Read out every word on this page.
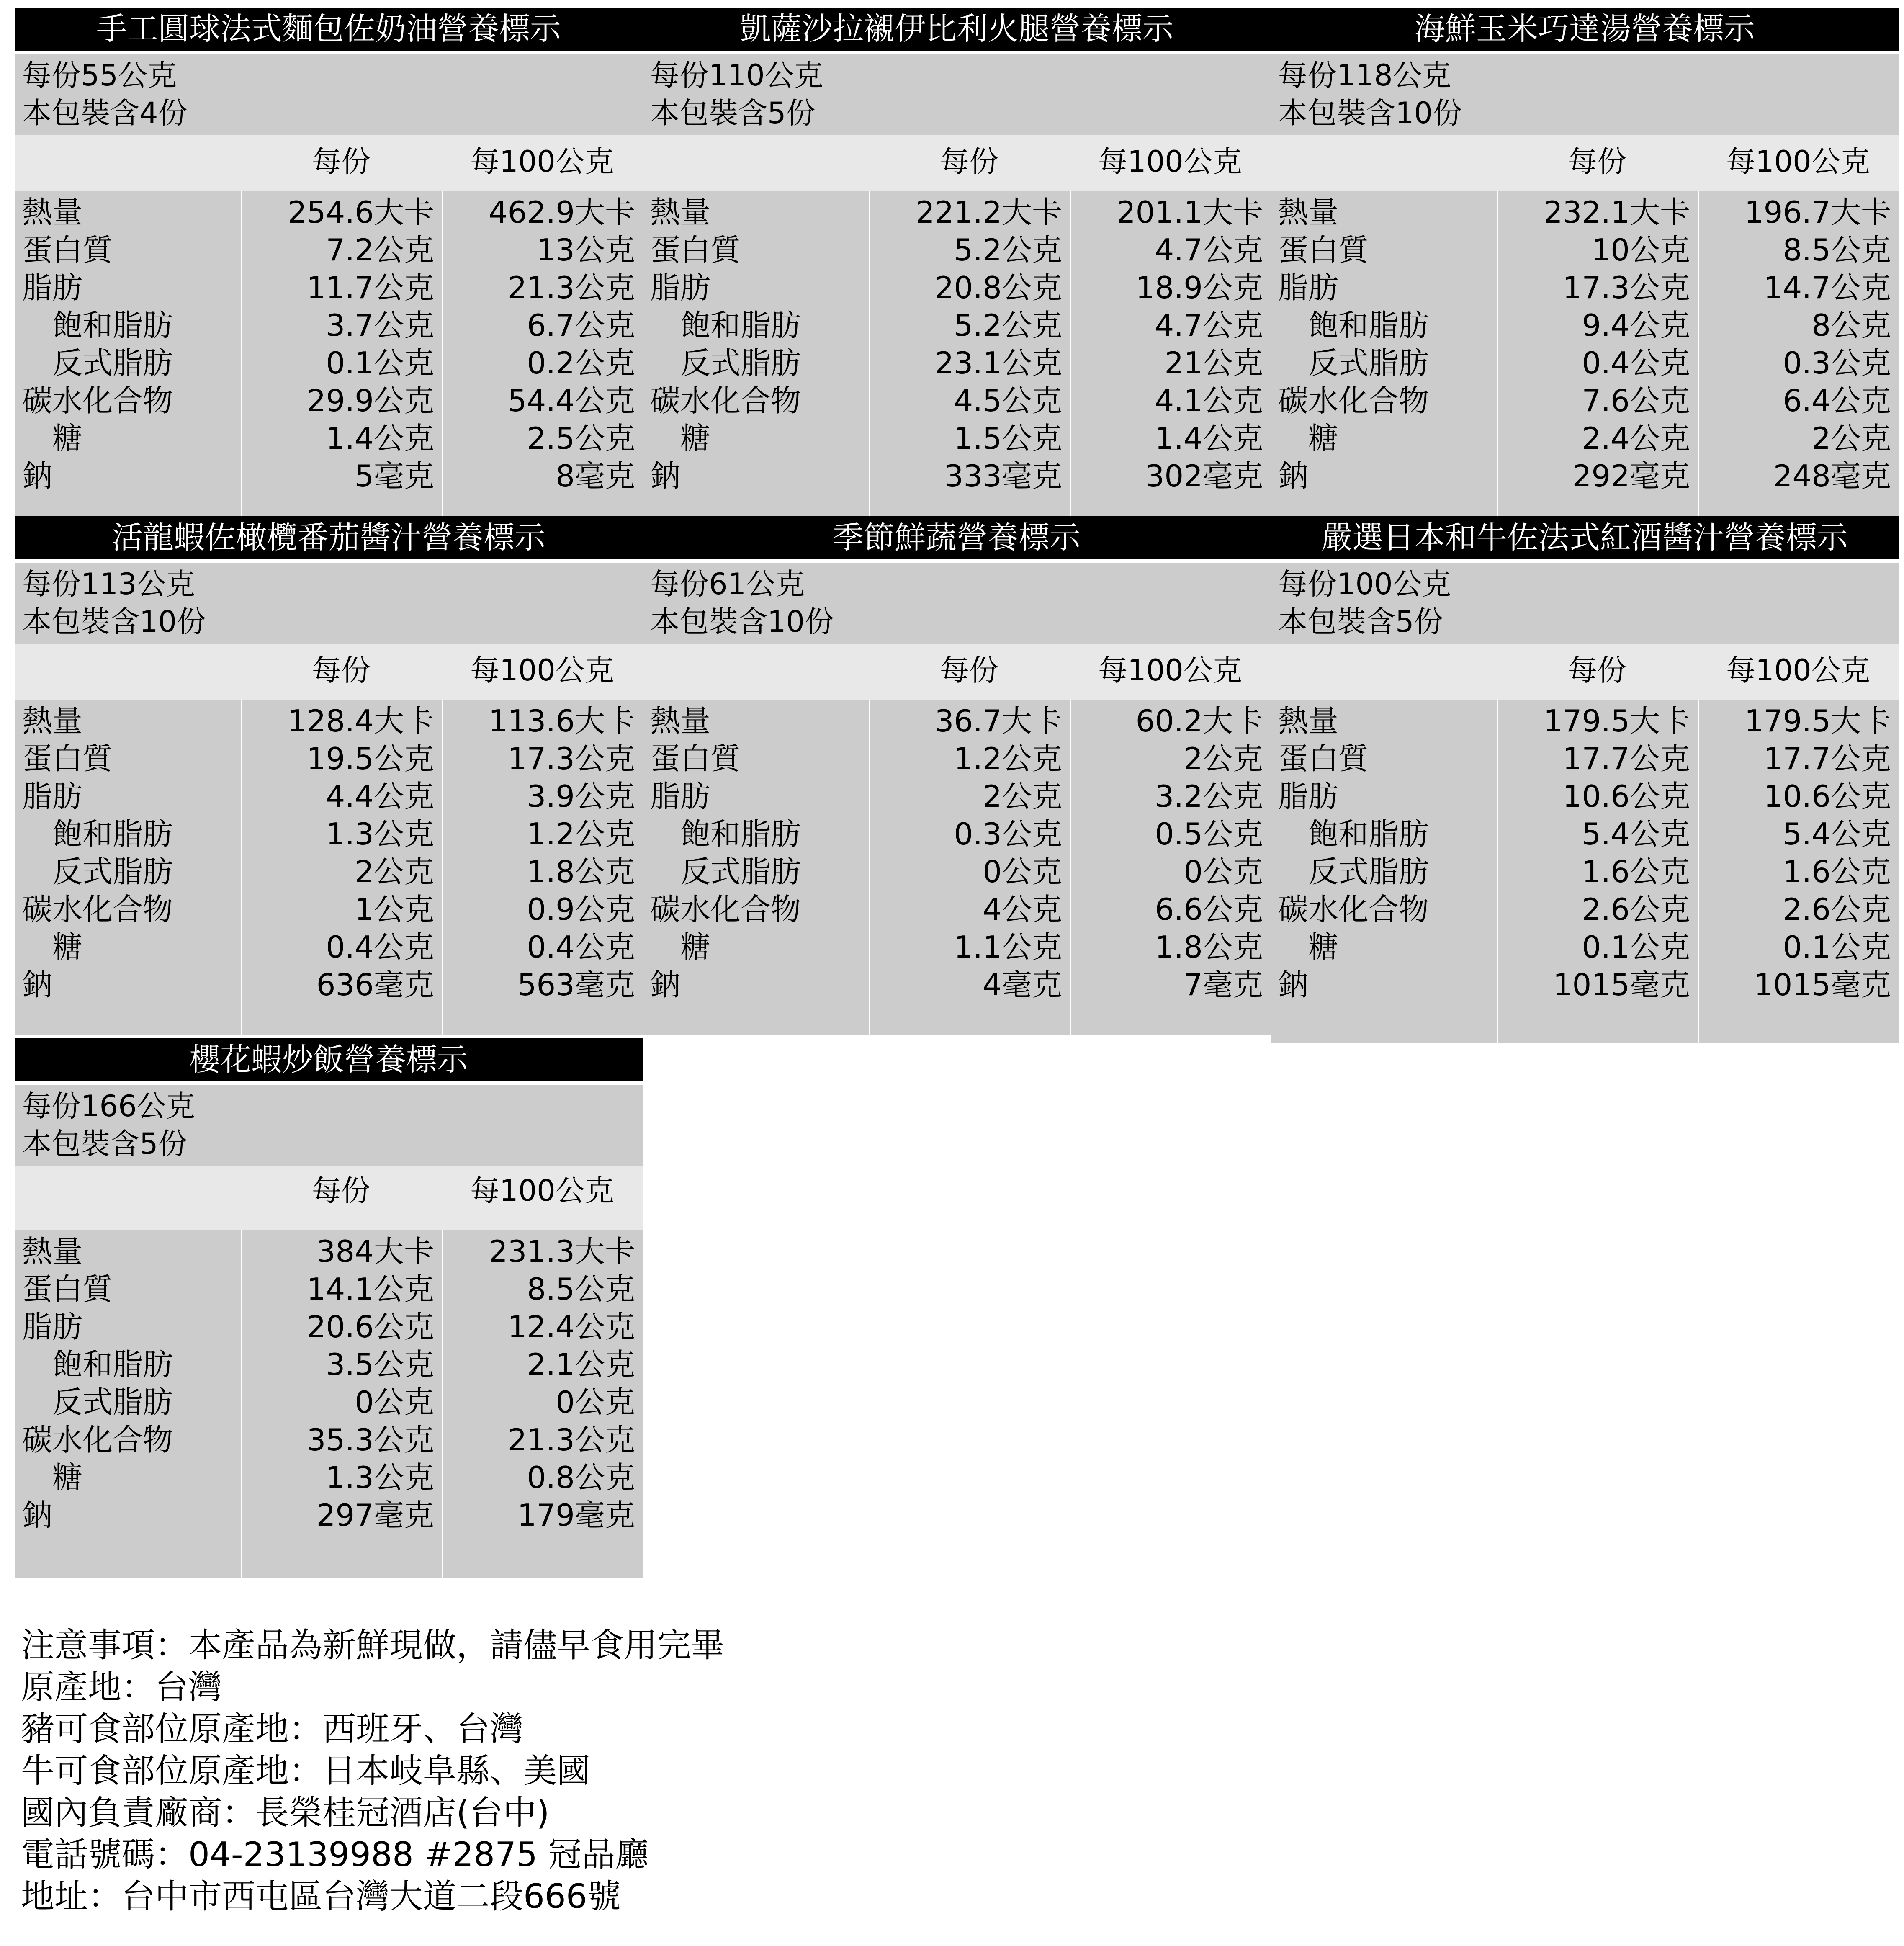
手工圓球法式麵包佐奶油營養標示
每份55公克
本包裝含4份
每份	每100公克
熱量	254.6大卡	462.9大卡
蛋白質	7.2公克	13公克
脂肪	11.7公克	21.3公克
飽和脂肪	3.7公克	6.7公克
反式脂肪	0.1公克	0.2公克
碳水化合物	29.9公克	54.4公克
糖	1.4公克	2.5公克
鈉	5毫克	8毫克
凱薩沙拉襯伊比利火腿營養標示
每份110公克
本包裝含5份
每份	每100公克
熱量	221.2大卡	201.1大卡
蛋白質	5.2公克	4.7公克
脂肪	20.8公克	18.9公克
飽和脂肪	5.2公克	4.7公克
反式脂肪	23.1公克	21公克
碳水化合物	4.5公克	4.1公克
糖	1.5公克	1.4公克
鈉	333毫克	302毫克
海鮮玉米巧達湯營養標示
每份118公克
本包裝含10份
每份	每100公克
熱量	232.1大卡	196.7大卡
蛋白質	10公克	8.5公克
脂肪	17.3公克	14.7公克
飽和脂肪	9.4公克	8公克
反式脂肪	0.4公克	0.3公克
碳水化合物	7.6公克	6.4公克
糖	2.4公克	2公克
鈉	292毫克	248毫克
活龍蝦佐橄欖番茄醬汁營養標示
每份113公克
本包裝含10份
每份	每100公克
熱量	128.4大卡	113.6大卡
蛋白質	19.5公克	17.3公克
脂肪	4.4公克	3.9公克
飽和脂肪	1.3公克	1.2公克
反式脂肪	2公克	1.8公克
碳水化合物	1公克	0.9公克
糖	0.4公克	0.4公克
鈉	636毫克	563毫克
季節鮮蔬營養標示
每份61公克
本包裝含10份
每份	每100公克
熱量	36.7大卡	60.2大卡
蛋白質	1.2公克	2公克
脂肪	2公克	3.2公克
飽和脂肪	0.3公克	0.5公克
反式脂肪	0公克	0公克
碳水化合物	4公克	6.6公克
糖	1.1公克	1.8公克
鈉	4毫克	7毫克
嚴選日本和牛佐法式紅酒醬汁營養標示
每份100公克
本包裝含5份
每份	每100公克
熱量	179.5大卡	179.5大卡
蛋白質	17.7公克	17.7公克
脂肪	10.6公克	10.6公克
飽和脂肪	5.4公克	5.4公克
反式脂肪	1.6公克	1.6公克
碳水化合物	2.6公克	2.6公克
糖	0.1公克	0.1公克
鈉	1015毫克	1015毫克
櫻花蝦炒飯營養標示
每份166公克
本包裝含5份
每份	每100公克
熱量	384大卡	231.3大卡
蛋白質	14.1公克	8.5公克
脂肪	20.6公克	12.4公克
飽和脂肪	3.5公克	2.1公克
反式脂肪	0公克	0公克
碳水化合物	35.3公克	21.3公克
糖	1.3公克	0.8公克
鈉	297毫克	179毫克
注意事項：本產品為新鮮現做，請儘早食用完畢
原產地：台灣
豬可食部位原產地：西班牙、台灣
牛可食部位原產地：日本岐阜縣、美國
國內負責廠商：長榮桂冠酒店(台中)
電話號碼：04-23139988 #2875 冠品廳
地址：台中市西屯區台灣大道二段666號
